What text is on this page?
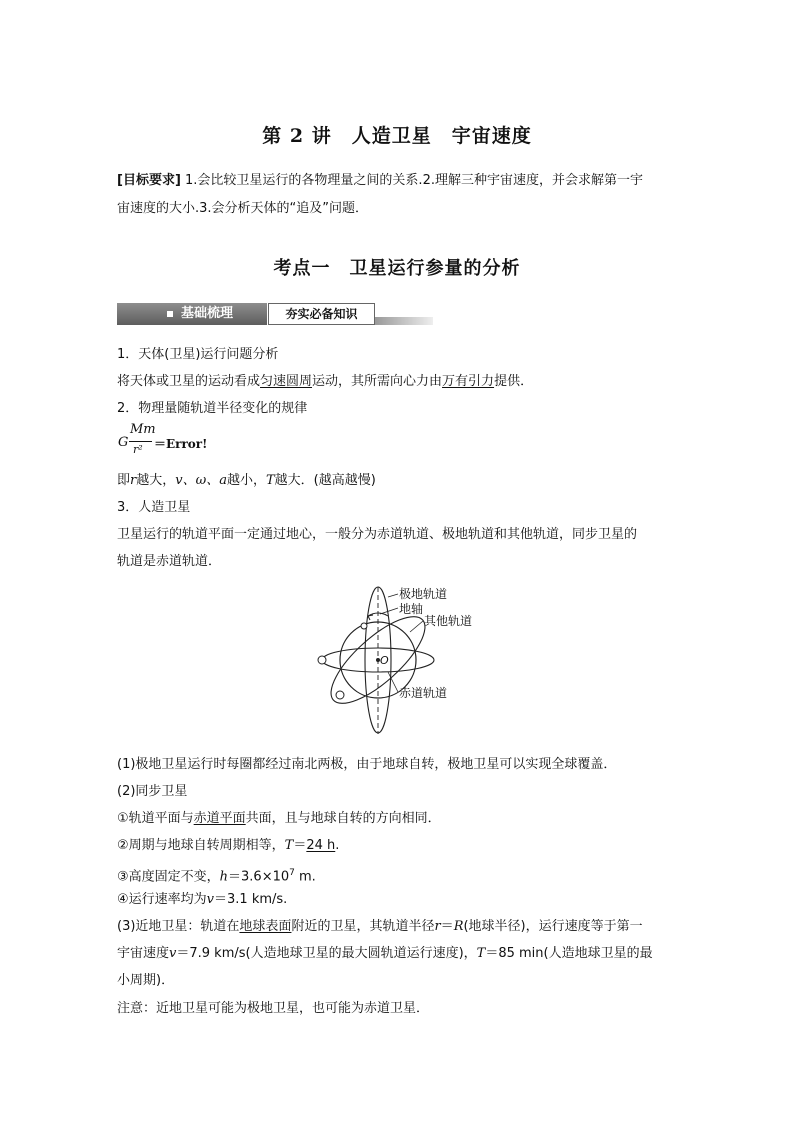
第 2 讲　人造卫星　宇宙速度
[目标要求] 1.会比较卫星运行的各物理量之间的关系.2.理解三种宇宙速度，并会求解第一宇
宙速度的大小.3.会分析天体的“追及”问题．
考点一　卫星运行参量的分析
基础梳理	夯实必备知识
1．天体(卫星)运行问题分析
将天体或卫星的运动看成匀速圆周运动，其所需向心力由万有引力提供．
2．物理量随轨道半径变化的规律
G
Mm
r² ＝Error!
即r越大，v、ω、a越小，T越大．(越高越慢)
3．人造卫星
卫星运行的轨道平面一定通过地心，一般分为赤道轨道、极地轨道和其他轨道，同步卫星的
轨道是赤道轨道．
极地轨道
地轴
其他轨道
赤道轨道
O
(1)极地卫星运行时每圈都经过南北两极，由于地球自转，极地卫星可以实现全球覆盖．
(2)同步卫星
①轨道平面与赤道平面共面，且与地球自转的方向相同．
②周期与地球自转周期相等，T＝24 h.
③高度固定不变，$h=3.6\times 10^7$ m.
④运行速率均为v＝3.1 km/s.
(3)近地卫星：轨道在地球表面附近的卫星，其轨道半径r＝R(地球半径)，运行速度等于第一
宇宙速度v＝7.9 km/s(人造地球卫星的最大圆轨道运行速度)，T＝85 min(人造地球卫星的最
小周期)．
注意：近地卫星可能为极地卫星，也可能为赤道卫星．
